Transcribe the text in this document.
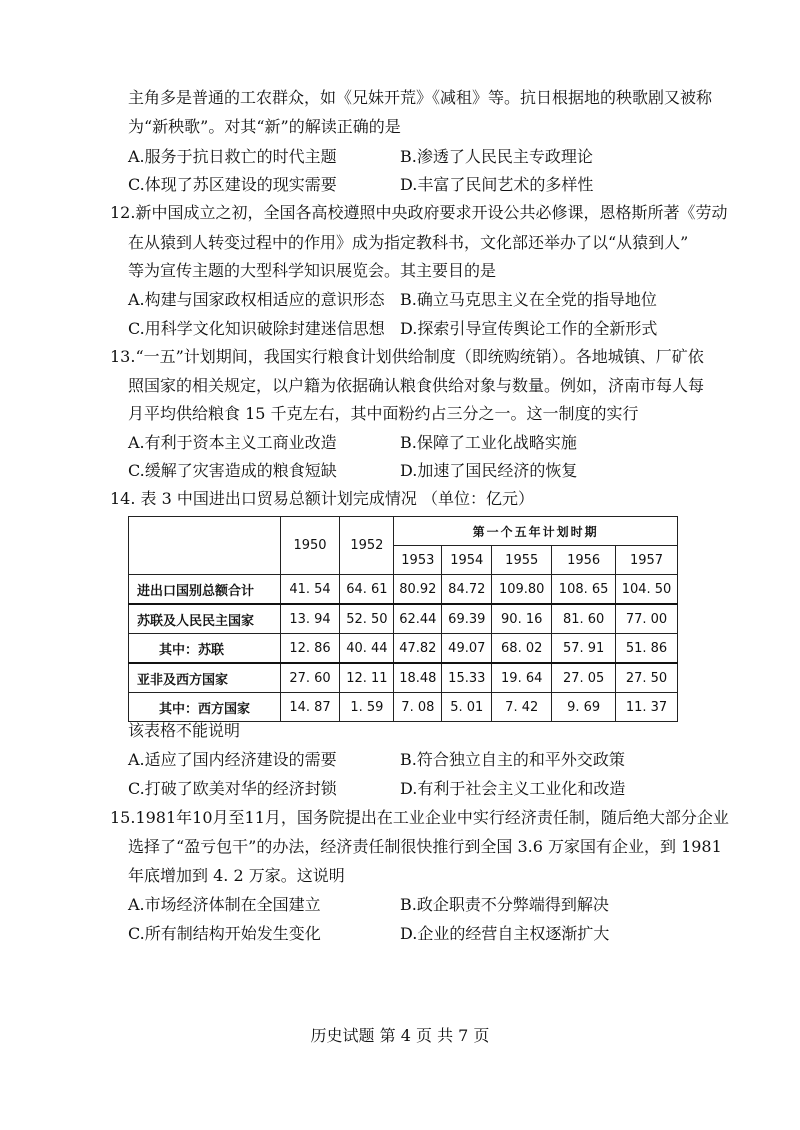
主角多是普通的工农群众，如《兄妹开荒》《减租》等。抗日根据地的秧歌剧又被称
为“新秧歌”。对其“新”的解读正确的是
A.服务于抗日救亡的时代主题	B.渗透了人民民主专政理论
C.体现了苏区建设的现实需要	D.丰富了民间艺术的多样性
12.新中国成立之初，全国各高校遵照中央政府要求开设公共必修课，恩格斯所著《劳动
在从猿到人转变过程中的作用》成为指定教科书，文化部还举办了以“从猿到人”
等为宣传主题的大型科学知识展览会。其主要目的是
A.构建与国家政权相适应的意识形态 B.确立马克思主义在全党的指导地位
C.用科学文化知识破除封建迷信思想 D.探索引导宣传舆论工作的全新形式
13.“一五”计划期间，我国实行粮食计划供给制度（即统购统销）。各地城镇、厂矿依
照国家的相关规定，以户籍为依据确认粮食供给对象与数量。例如，济南市每人每
月平均供给粮食 15 千克左右，其中面粉约占三分之一。这一制度的实行
A.有利于资本主义工商业改造	B.保障了工业化战略实施
C.缓解了灾害造成的粮食短缺	D.加速了国民经济的恢复
14. 表 3 中国进出口贸易总额计划完成情况 （单位：亿元）
	1950	1952	第一个五年计划时期				
			1953	1954	1955	1956	1957
进出口国别总额合计	41. 54	64. 61	80.92	84.72	109.80	108. 65	104. 50
苏联及人民民主国家	13. 94	52. 50	62.44	69.39	90. 16	81. 60	77. 00
其中：苏联	12. 86	40. 44	47.82	49.07	68. 02	57. 91	51. 86
亚非及西方国家	27. 60	12. 11	18.48	15.33	19. 64	27. 05	27. 50
其中：西方国家	14. 87	1. 59	7. 08	5. 01	7. 42	9. 69	11. 37
该表格不能说明
A.适应了国内经济建设的需要	B.符合独立自主的和平外交政策
C.打破了欧美对华的经济封锁	D.有利于社会主义工业化和改造
15.1981年10月至11月，国务院提出在工业企业中实行经济责任制，随后绝大部分企业
选择了“盈亏包干”的办法，经济责任制很快推行到全国 3.6 万家国有企业，到 1981
年底增加到 4. 2 万家。这说明
A.市场经济体制在全国建立	B.政企职责不分弊端得到解决
C.所有制结构开始发生变化	D.企业的经营自主权逐渐扩大
历史试题 第 4 页 共 7 页
